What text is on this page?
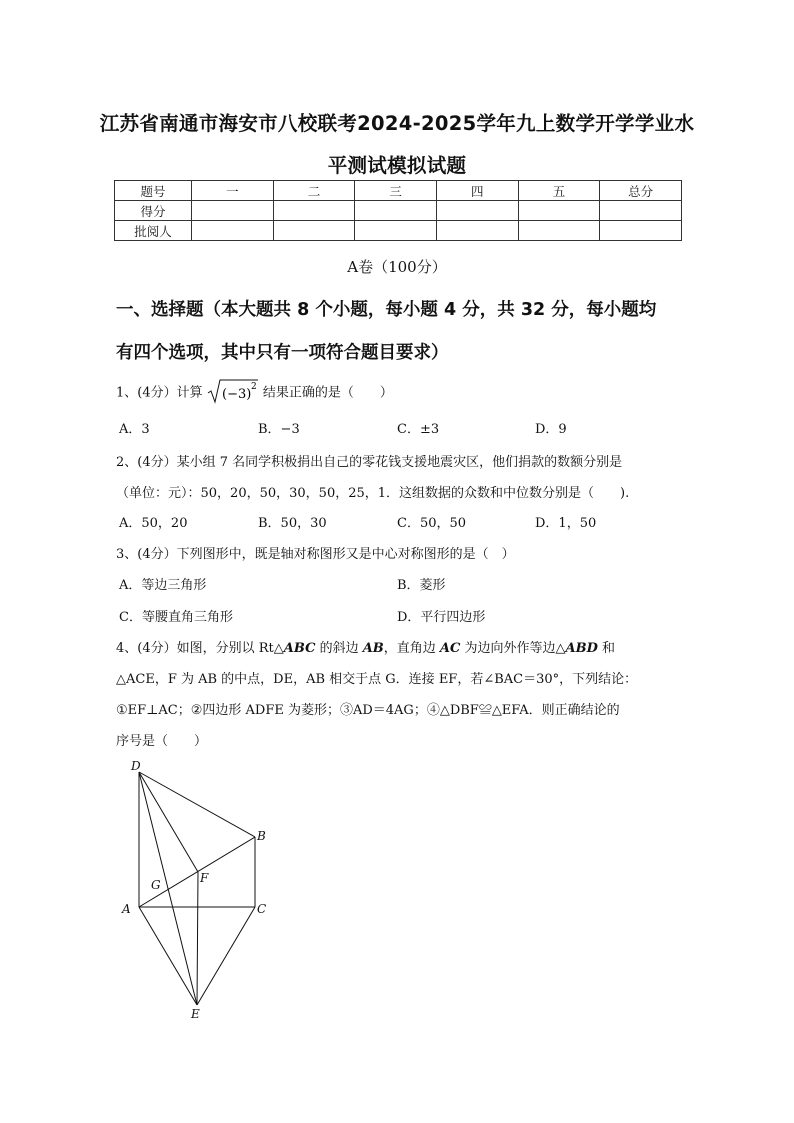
江苏省南通市海安市八校联考2024-2025学年九上数学开学学业水
平测试模拟试题
题号	一	二	三	四	五	总分
得分						
批阅人						
A卷（100分）
一、选择题（本大题共 8 个小题，每小题 4 分，共 32 分，每小题均
有四个选项，其中只有一项符合题目要求）
1、(4分）计算 (−3) 2 结果正确的是（　　）
A．3	B．−3	C．±3	D．9
2、(4分）某小组 7 名同学积极捐出自己的零花钱支援地震灾区，他们捐款的数额分别是
（单位：元）：50，20，50，30，50，25，1．这组数据的众数和中位数分别是（　　).
A．50，20	B．50，30	C．50，50	D．1，50
3、(4分）下列图形中，既是轴对称图形又是中心对称图形的是（　）
A．等边三角形	B．菱形
C．等腰直角三角形	D．平行四边形
4、(4分）如图，分别以 Rt△ABC 的斜边 AB，直角边 AC 为边向外作等边△ABD 和
△ACE，F 为 AB 的中点，DE，AB 相交于点 G．连接 EF，若∠BAC＝30°，下列结论：
①EF⊥AC；②四边形 ADFE 为菱形；③AD＝4AG；④△DBF≌△EFA．则正确结论的
序号是（　　）
D
B
F
G
A	C
E
